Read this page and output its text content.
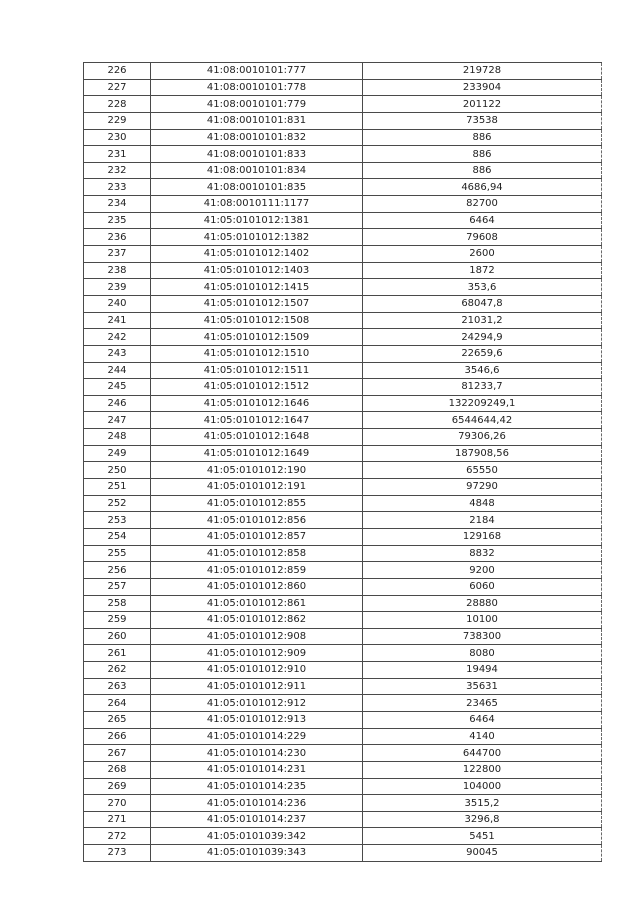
226	41:08:0010101:777	219728
227	41:08:0010101:778	233904
228	41:08:0010101:779	201122
229	41:08:0010101:831	73538
230	41:08:0010101:832	886
231	41:08:0010101:833	886
232	41:08:0010101:834	886
233	41:08:0010101:835	4686,94
234	41:08:0010111:1177	82700
235	41:05:0101012:1381	6464
236	41:05:0101012:1382	79608
237	41:05:0101012:1402	2600
238	41:05:0101012:1403	1872
239	41:05:0101012:1415	353,6
240	41:05:0101012:1507	68047,8
241	41:05:0101012:1508	21031,2
242	41:05:0101012:1509	24294,9
243	41:05:0101012:1510	22659,6
244	41:05:0101012:1511	3546,6
245	41:05:0101012:1512	81233,7
246	41:05:0101012:1646	132209249,1
247	41:05:0101012:1647	6544644,42
248	41:05:0101012:1648	79306,26
249	41:05:0101012:1649	187908,56
250	41:05:0101012:190	65550
251	41:05:0101012:191	97290
252	41:05:0101012:855	4848
253	41:05:0101012:856	2184
254	41:05:0101012:857	129168
255	41:05:0101012:858	8832
256	41:05:0101012:859	9200
257	41:05:0101012:860	6060
258	41:05:0101012:861	28880
259	41:05:0101012:862	10100
260	41:05:0101012:908	738300
261	41:05:0101012:909	8080
262	41:05:0101012:910	19494
263	41:05:0101012:911	35631
264	41:05:0101012:912	23465
265	41:05:0101012:913	6464
266	41:05:0101014:229	4140
267	41:05:0101014:230	644700
268	41:05:0101014:231	122800
269	41:05:0101014:235	104000
270	41:05:0101014:236	3515,2
271	41:05:0101014:237	3296,8
272	41:05:0101039:342	5451
273	41:05:0101039:343	90045
